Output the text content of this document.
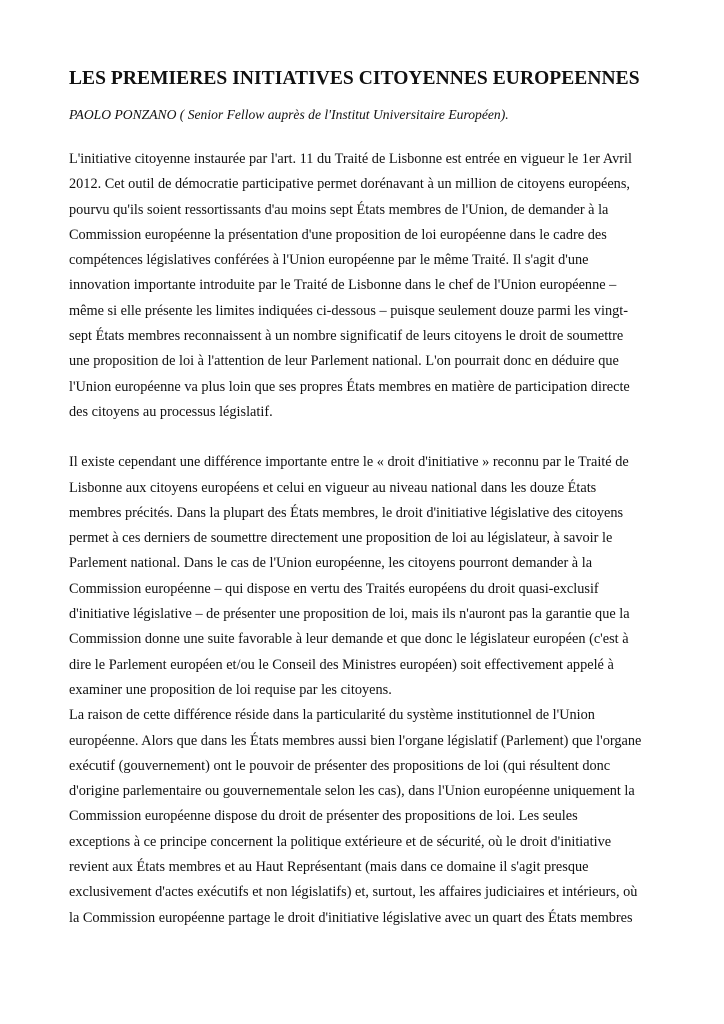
LES PREMIERES INITIATIVES CITOYENNES EUROPEENNES

PAOLO PONZANO ( Senior Fellow auprès de l'Institut Universitaire Européen).

L'initiative citoyenne instaurée par l'art. 11 du Traité de Lisbonne est entrée en vigueur le 1er Avril
2012. Cet outil de démocratie participative permet dorénavant à un million de citoyens européens,
pourvu qu'ils soient ressortissants d'au moins sept États membres de l'Union, de demander à la
Commission européenne la présentation d'une proposition de loi européenne dans le cadre des
compétences législatives conférées à l'Union européenne par le même Traité. Il s'agit d'une
innovation importante introduite par le Traité de Lisbonne dans le chef de l'Union européenne –
même si elle présente les limites indiquées ci-dessous – puisque seulement douze parmi les vingt-
sept États membres reconnaissent à un nombre significatif de leurs citoyens le droit de soumettre
une proposition de loi à l'attention de leur Parlement national. L'on pourrait donc en déduire que
l'Union européenne va plus loin que ses propres États membres en matière de participation directe
des citoyens au processus législatif.
Il existe cependant une différence importante entre le « droit d'initiative » reconnu par le Traité de
Lisbonne aux citoyens européens et celui en vigueur au niveau national dans les douze États
membres précités. Dans la plupart des États membres, le droit d'initiative législative des citoyens
permet à ces derniers de soumettre directement une proposition de loi au législateur, à savoir le
Parlement national. Dans le cas de l'Union européenne, les citoyens pourront demander à la
Commission européenne – qui dispose en vertu des Traités européens du droit quasi-exclusif
d'initiative législative – de présenter une proposition de loi, mais ils n'auront pas la garantie que la
Commission donne une suite favorable à leur demande et que donc le législateur européen (c'est à
dire le Parlement européen et/ou le Conseil des Ministres européen) soit effectivement appelé à
examiner une proposition de loi requise par les citoyens.
La raison de cette différence réside dans la particularité du système institutionnel de l'Union
européenne. Alors que dans les États membres aussi bien l'organe législatif (Parlement) que l'organe
exécutif (gouvernement) ont le pouvoir de présenter des propositions de loi (qui résultent donc
d'origine parlementaire ou gouvernementale selon les cas), dans l'Union européenne uniquement la
Commission européenne dispose du droit de présenter des propositions de loi. Les seules
exceptions à ce principe concernent la politique extérieure et de sécurité, où le droit d'initiative
revient aux États membres et au Haut Représentant (mais dans ce domaine il s'agit presque
exclusivement d'actes exécutifs et non législatifs) et, surtout, les affaires judiciaires et intérieurs, où
la Commission européenne partage le droit d'initiative législative avec un quart des États membres
